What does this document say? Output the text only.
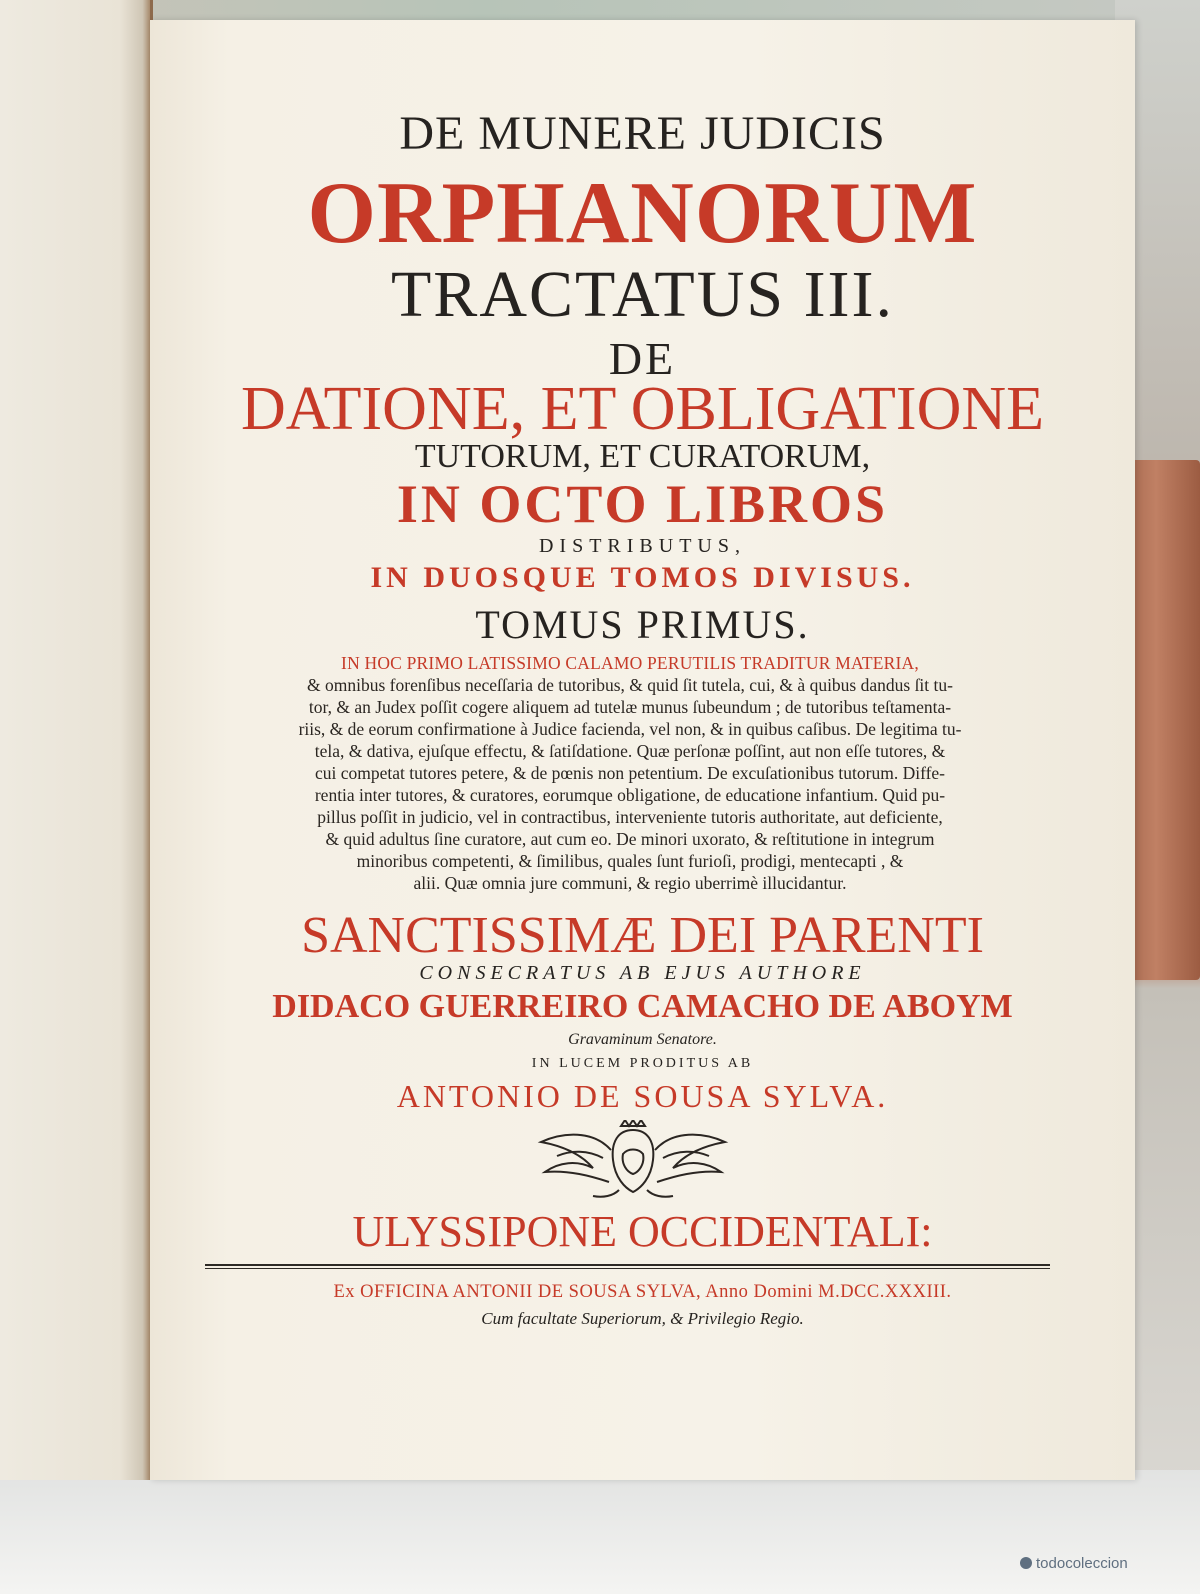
DE MUNERE JUDICIS

ORPHANORUM

TRACTATUS III.

DE

DATIONE, ET OBLIGATIONE

TUTORUM, ET CURATORUM,

IN OCTO LIBROS

DISTRIBUTUS,

IN DUOSQUE TOMOS DIVISUS.

TOMUS PRIMUS.

IN HOC PRIMO LATISSIMO CALAMO PERUTILIS TRADITUR MATERIA,
& omnibus forenſibus neceſſaria de tutoribus, & quid ſit tutela, cui, & à quibus dandus ſit tu-
tor, & an Judex poſſit cogere aliquem ad tutelæ munus ſubeundum ; de tutoribus teſtamenta-
riis, & de eorum confirmatione à Judice facienda, vel non, & in quibus caſibus. De legitima tu-
tela, & dativa, ejuſque effectu, & ſatiſdatione. Quæ perſonæ poſſint, aut non eſſe tutores, &
cui competat tutores petere, & de pœnis non petentium. De excuſationibus tutorum. Diffe-
rentia inter tutores, & curatores, eorumque obligatione, de educatione infantium. Quid pu-
pillus poſſit in judicio, vel in contractibus, interveniente tutoris authoritate, aut deficiente,
& quid adultus ſine curatore, aut cum eo. De minori uxorato, & reſtitutione in integrum
minoribus competenti, & ſimilibus, quales ſunt furioſi, prodigi, mentecapti , &
alii. Quæ omnia jure communi, & regio uberrimè illucidantur.

SANCTISSIMÆ DEI PARENTI

CONSECRATUS AB EJUS AUTHORE

DIDACO GUERREIRO CAMACHO DE ABOYM

Gravaminum Senatore.

IN LUCEM PRODITUS AB

ANTONIO DE SOUSA SYLVA.

ULYSSIPONE OCCIDENTALI:

Ex OFFICINA ANTONII DE SOUSA SYLVA, Anno Domini M.DCC.XXXIII.

Cum facultate Superiorum, & Privilegio Regio.

todocoleccion
